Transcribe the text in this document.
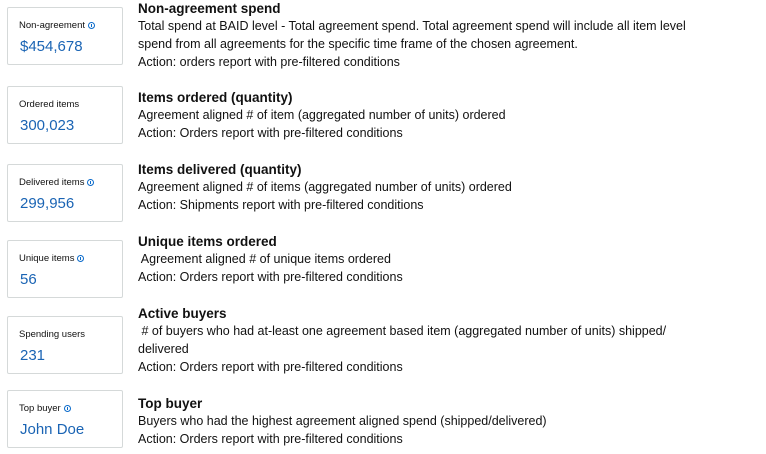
Non-agreement
$454,678
Non-agreement spend
Total spend at BAID level - Total agreement spend. Total agreement spend will include all item level
spend from all agreements for the specific time frame of the chosen agreement.
Action: orders report with pre-filtered conditions
Ordered items
300,023
Items ordered (quantity)
Agreement aligned # of item (aggregated number of units) ordered
Action: Orders report with pre-filtered conditions
Delivered items
299,956
Items delivered (quantity)
Agreement aligned # of items (aggregated number of units) ordered
Action: Shipments report with pre-filtered conditions
Unique items
56
Unique items ordered
Agreement aligned # of unique items ordered
Action: Orders report with pre-filtered conditions
Spending users
231
Active buyers
# of buyers who had at-least one agreement based item (aggregated number of units) shipped/
delivered
Action: Orders report with pre-filtered conditions
Top buyer
John Doe
Top buyer
Buyers who had the highest agreement aligned spend (shipped/delivered)
Action: Orders report with pre-filtered conditions
